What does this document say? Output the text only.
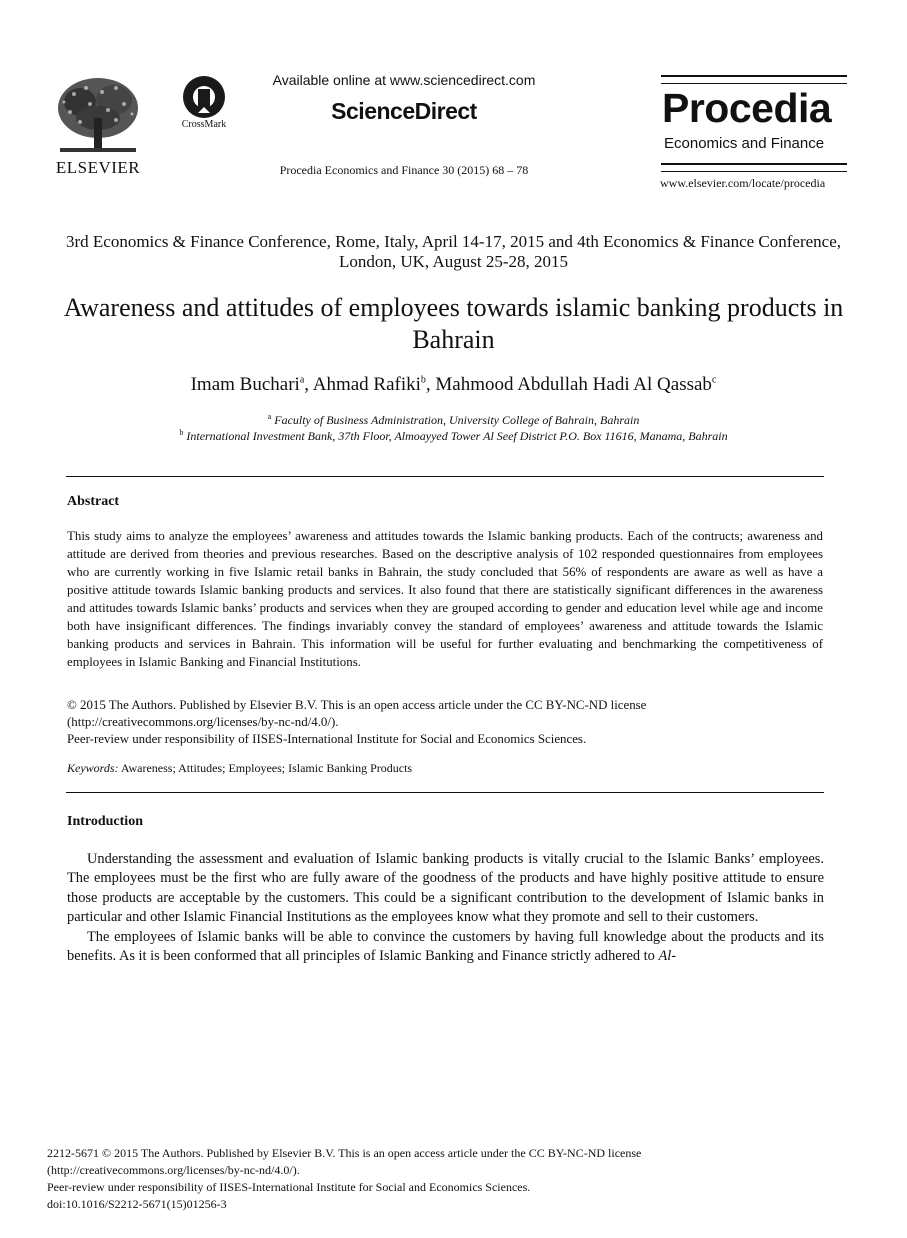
ELSEVIER
CrossMark
Available online at www.sciencedirect.com
ScienceDirect
Procedia Economics and Finance 30 (2015) 68 – 78
Procedia
Economics and Finance
www.elsevier.com/locate/procedia
3rd Economics & Finance Conference, Rome, Italy, April 14-17, 2015 and 4th Economics & Finance Conference, London, UK, August 25-28, 2015
Awareness and attitudes of employees towards islamic banking products in Bahrain
Imam Buchari$^a$, Ahmad Rafiki$^b$, Mahmood Abdullah Hadi Al Qassab$^c$
$^a$ Faculty of Business Administration, University College of Bahrain, Bahrain
$^b$ International Investment Bank, 37th Floor, Almoayyed Tower Al Seef District P.O. Box 11616, Manama, Bahrain
Abstract
This study aims to analyze the employees’ awareness and attitudes towards the Islamic banking products. Each of the contructs; awareness and attitude are derived from theories and previous researches. Based on the descriptive analysis of 102 responded questionnaires from employees who are currently working in five Islamic retail banks in Bahrain, the study concluded that 56% of respondents are aware as well as have a positive attitude towards Islamic banking products and services. It also found that there are statistically significant differences in the awareness and attitudes towards Islamic banks’ products and services when they are grouped according to gender and education level while age and income both have insignificant differences. The findings invariably convey the standard of employees’ awareness and attitude towards the Islamic banking products and services in Bahrain. This information will be useful for further evaluating and benchmarking the competitiveness of employees in Islamic Banking and Financial Institutions.
© 2015 The Authors. Published by Elsevier B.V. This is an open access article under the CC BY-NC-ND license
(http://creativecommons.org/licenses/by-nc-nd/4.0/).
Peer-review under responsibility of IISES-International Institute for Social and Economics Sciences.
Keywords: Awareness; Attitudes; Employees; Islamic Banking Products
Introduction

Understanding the assessment and evaluation of Islamic banking products is vitally crucial to the Islamic Banks’ employees. The employees must be the first who are fully aware of the goodness of the products and have highly positive attitude to ensure those products are acceptable by the customers. This could be a significant contribution to the development of Islamic banks in particular and other Islamic Financial Institutions as the employees know what they promote and sell to their customers.

The employees of Islamic banks will be able to convince the customers by having full knowledge about the products and its benefits. As it is been conformed that all principles of Islamic Banking and Finance strictly adhered to Al-

2212-5671 © 2015 The Authors. Published by Elsevier B.V. This is an open access article under the CC BY-NC-ND license
(http://creativecommons.org/licenses/by-nc-nd/4.0/).
Peer-review under responsibility of IISES-International Institute for Social and Economics Sciences.
doi:10.1016/S2212-5671(15)01256-3
